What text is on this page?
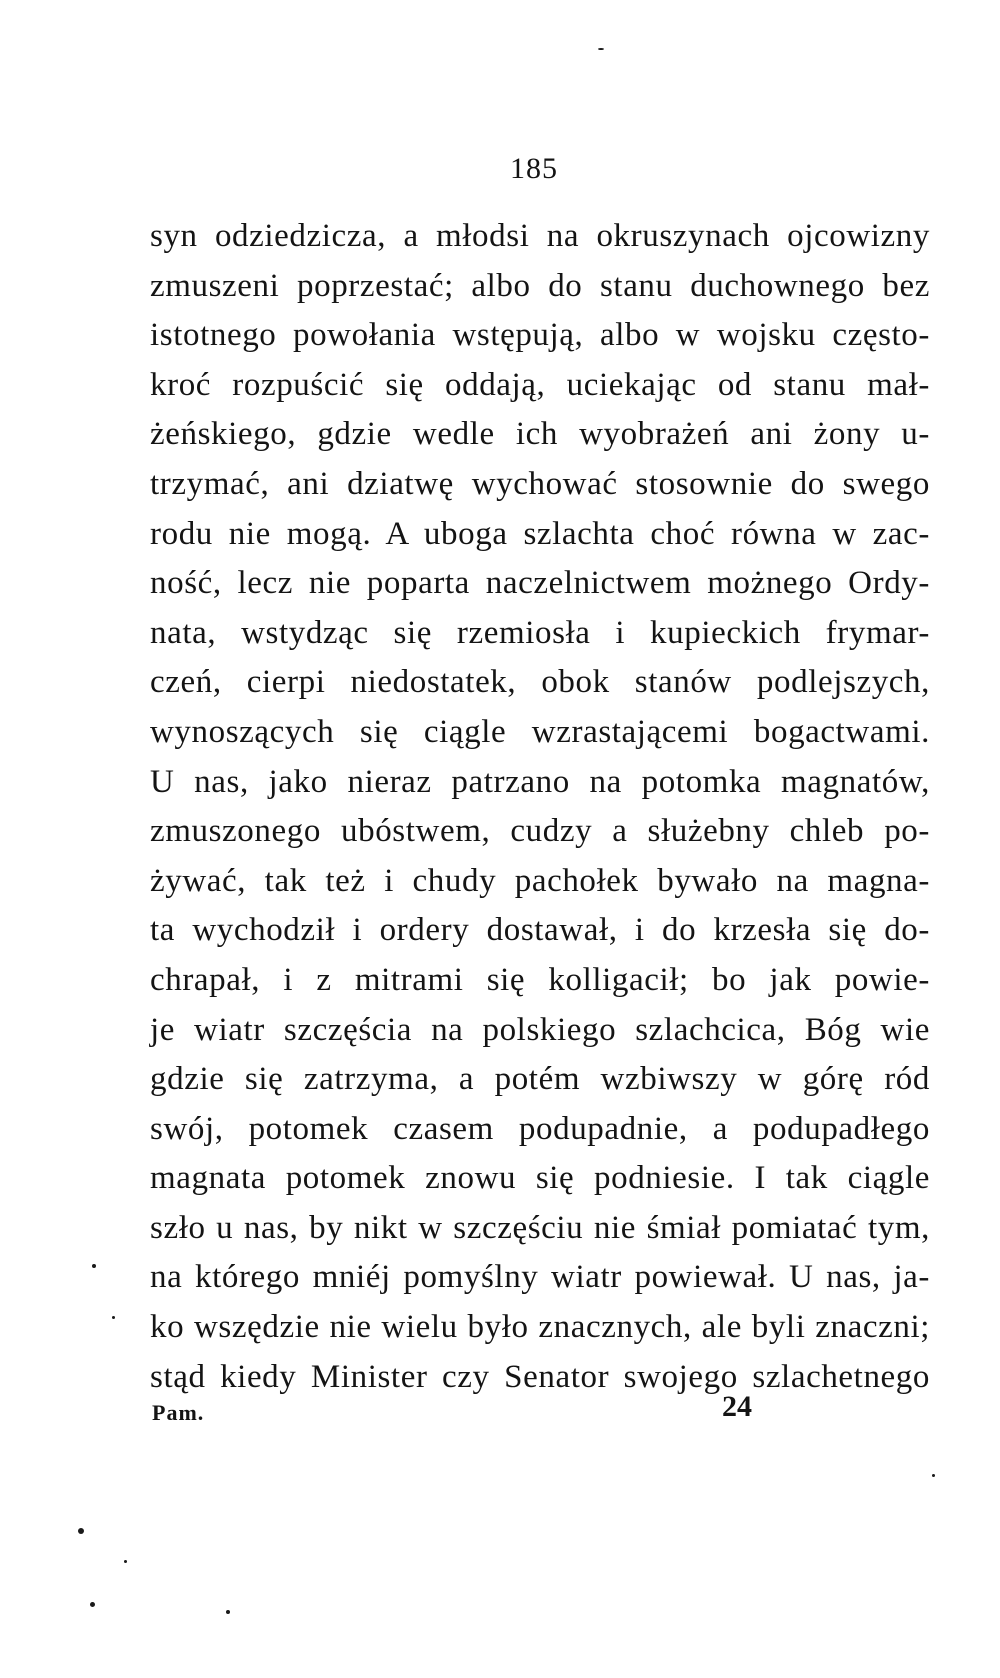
185
syn odziedzicza, a młodsi na okruszynach ojcowizny
zmuszeni poprzestać; albo do stanu duchownego bez
istotnego powołania wstępują, albo w wojsku często-
kroć rozpuścić się oddają, uciekając od stanu mał-
żeńskiego, gdzie wedle ich wyobrażeń ani żony u-
trzymać, ani dziatwę wychować stosownie do swego
rodu nie mogą. A uboga szlachta choć równa w zac-
ność, lecz nie poparta naczelnictwem możnego Ordy-
nata, wstydząc się rzemiosła i kupieckich frymar-
czeń, cierpi niedostatek, obok stanów podlejszych,
wynoszących się ciągle wzrastającemi bogactwami.
U nas, jako nieraz patrzano na potomka magnatów,
zmuszonego ubóstwem, cudzy a służebny chleb po-
żywać, tak też i chudy pachołek bywało na magna-
ta wychodził i ordery dostawał, i do krzesła się do-
chrapał, i z mitrami się kolligacił; bo jak powie-
je wiatr szczęścia na polskiego szlachcica, Bóg wie
gdzie się zatrzyma, a potém wzbiwszy w górę ród
swój, potomek czasem podupadnie, a podupadłego
magnata potomek znowu się podniesie. I tak ciągle
szło u nas, by nikt w szczęściu nie śmiał pomiatać tym,
na którego mniéj pomyślny wiatr powiewał. U nas, ja-
ko wszędzie nie wielu było znacznych, ale byli znaczni;
stąd kiedy Minister czy Senator swojego szlachetnego
Pam.	24
